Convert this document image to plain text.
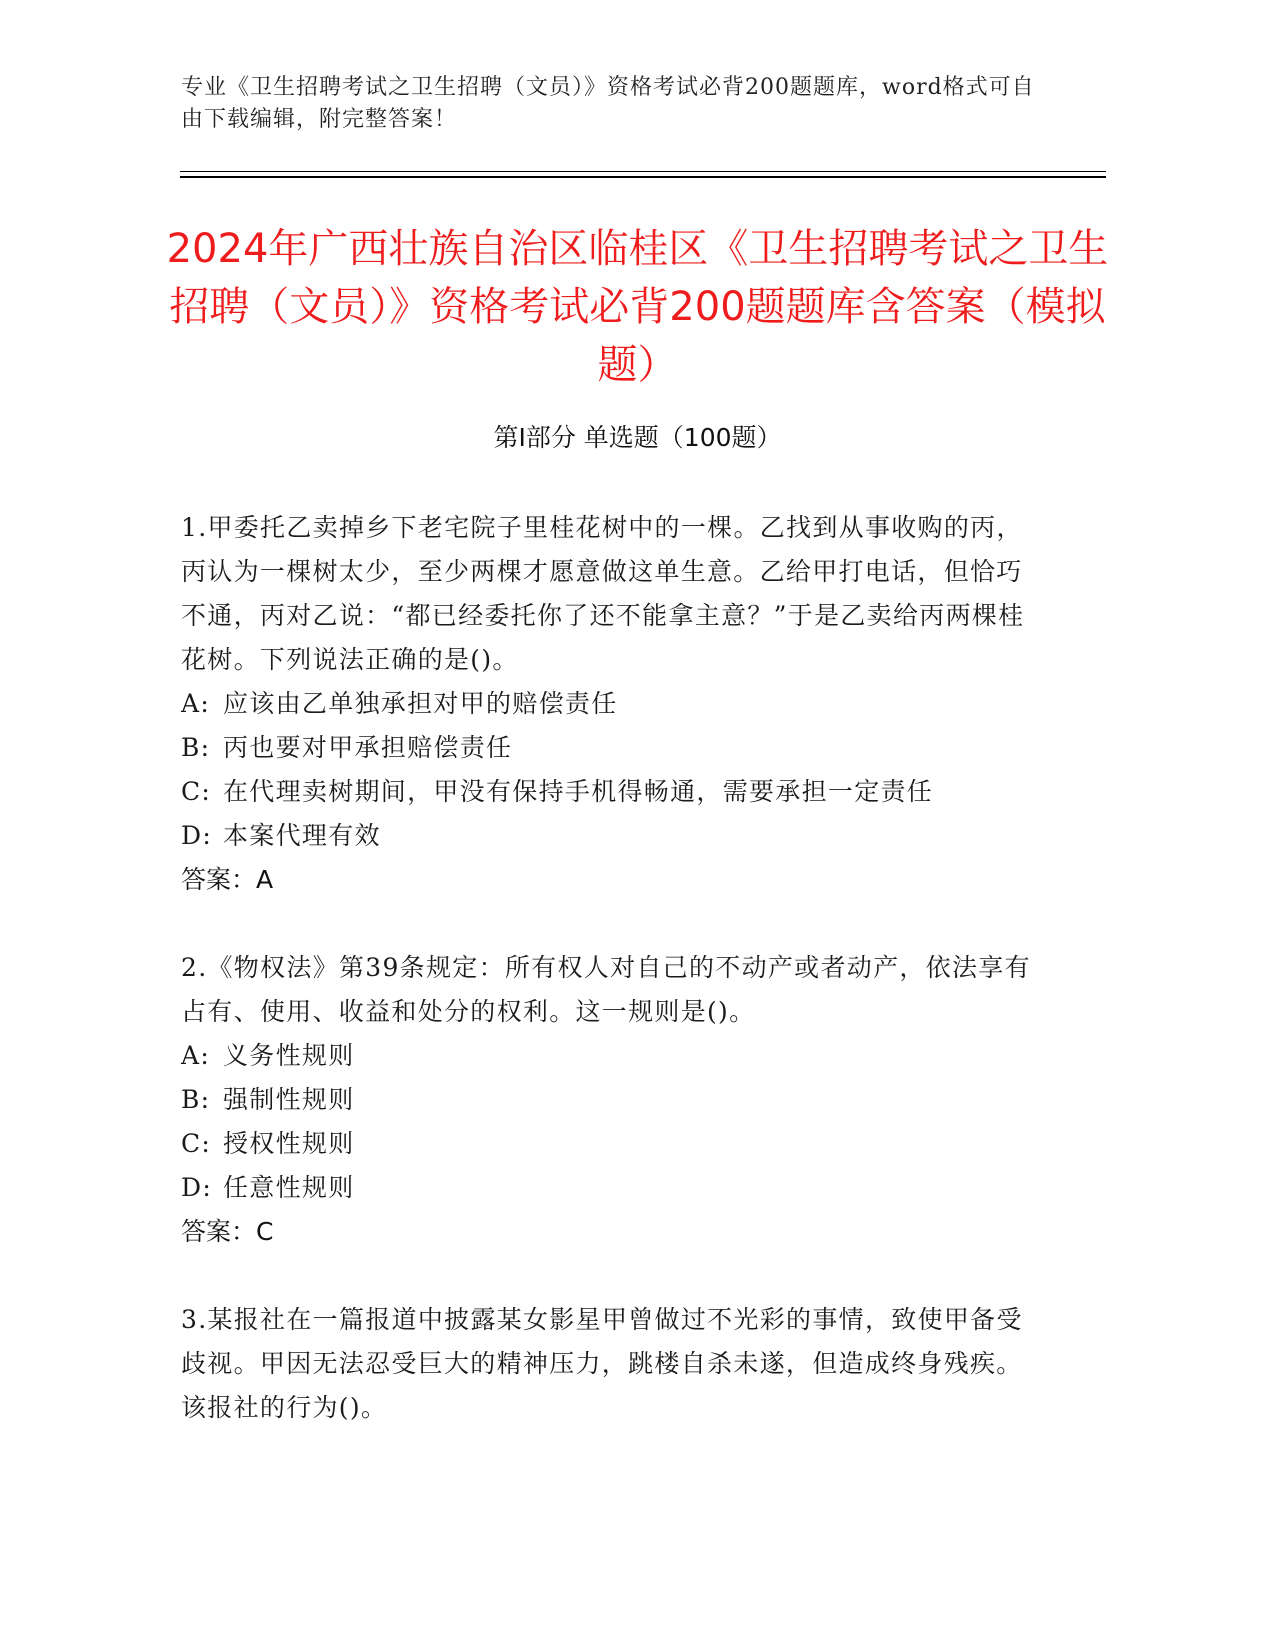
专业《卫生招聘考试之卫生招聘（文员）》资格考试必背200题题库，word格式可自由下载编辑，附完整答案！
2024年广西壮族自治区临桂区《卫生招聘考试之卫生招聘（文员）》资格考试必背200题题库含答案（模拟题）
第Ⅰ部分 单选题（100题）

1.甲委托乙卖掉乡下老宅院子里桂花树中的一棵。乙找到从事收购的丙，丙认为一棵树太少，至少两棵才愿意做这单生意。乙给甲打电话，但恰巧不通，丙对乙说：“都已经委托你了还不能拿主意？”于是乙卖给丙两棵桂花树。下列说法正确的是()。

A: 应该由乙单独承担对甲的赔偿责任

B: 丙也要对甲承担赔偿责任

C: 在代理卖树期间，甲没有保持手机得畅通，需要承担一定责任

D: 本案代理有效

答案：A

2.《物权法》第39条规定：所有权人对自己的不动产或者动产，依法享有占有、使用、收益和处分的权利。这一规则是()。

A: 义务性规则

B: 强制性规则

C: 授权性规则

D: 任意性规则

答案：C

3.某报社在一篇报道中披露某女影星甲曾做过不光彩的事情，致使甲备受歧视。甲因无法忍受巨大的精神压力，跳楼自杀未遂，但造成终身残疾。该报社的行为()。
